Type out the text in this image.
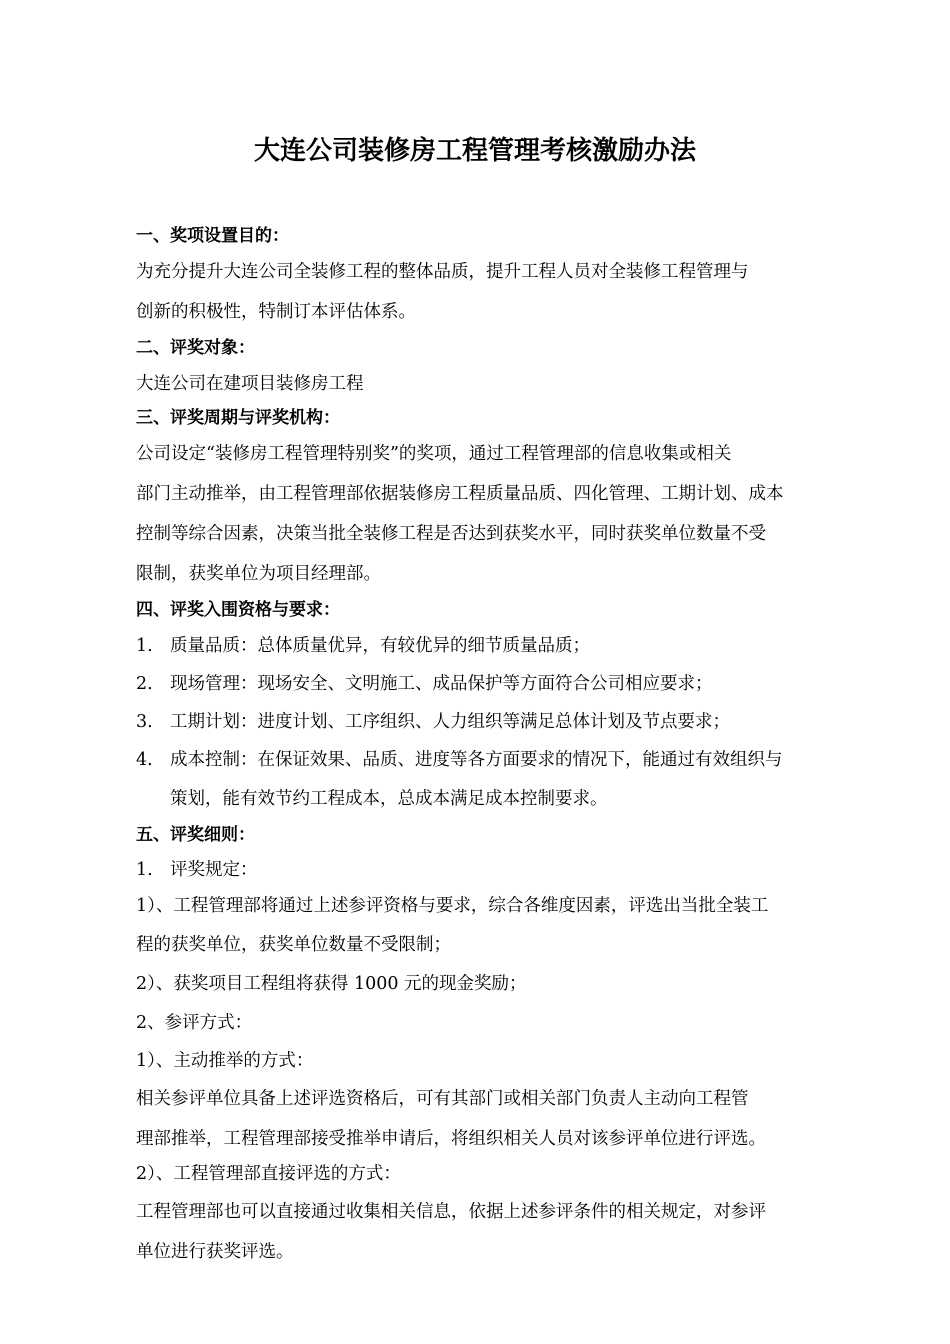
大连公司装修房工程管理考核激励办法
一、奖项设置目的：
为充分提升大连公司全装修工程的整体品质，提升工程人员对全装修工程管理与
创新的积极性，特制订本评估体系。
二、评奖对象：
大连公司在建项目装修房工程
三、评奖周期与评奖机构：
公司设定“装修房工程管理特别奖”的奖项，通过工程管理部的信息收集或相关
部门主动推举，由工程管理部依据装修房工程质量品质、四化管理、工期计划、成本
控制等综合因素，决策当批全装修工程是否达到获奖水平，同时获奖单位数量不受
限制，获奖单位为项目经理部。
四、评奖入围资格与要求：
1. 质量品质：总体质量优异，有较优异的细节质量品质；
2. 现场管理：现场安全、文明施工、成品保护等方面符合公司相应要求；
3. 工期计划：进度计划、工序组织、人力组织等满足总体计划及节点要求；
4. 成本控制：在保证效果、品质、进度等各方面要求的情况下，能通过有效组织与
策划，能有效节约工程成本，总成本满足成本控制要求。
五、评奖细则：
1. 评奖规定：
1）、工程管理部将通过上述参评资格与要求，综合各维度因素，评选出当批全装工
程的获奖单位，获奖单位数量不受限制；
2）、获奖项目工程组将获得 1000 元的现金奖励；
2、参评方式：
1）、主动推举的方式：
相关参评单位具备上述评选资格后，可有其部门或相关部门负责人主动向工程管
理部推举，工程管理部接受推举申请后，将组织相关人员对该参评单位进行评选。
2）、工程管理部直接评选的方式：
工程管理部也可以直接通过收集相关信息，依据上述参评条件的相关规定，对参评
单位进行获奖评选。
